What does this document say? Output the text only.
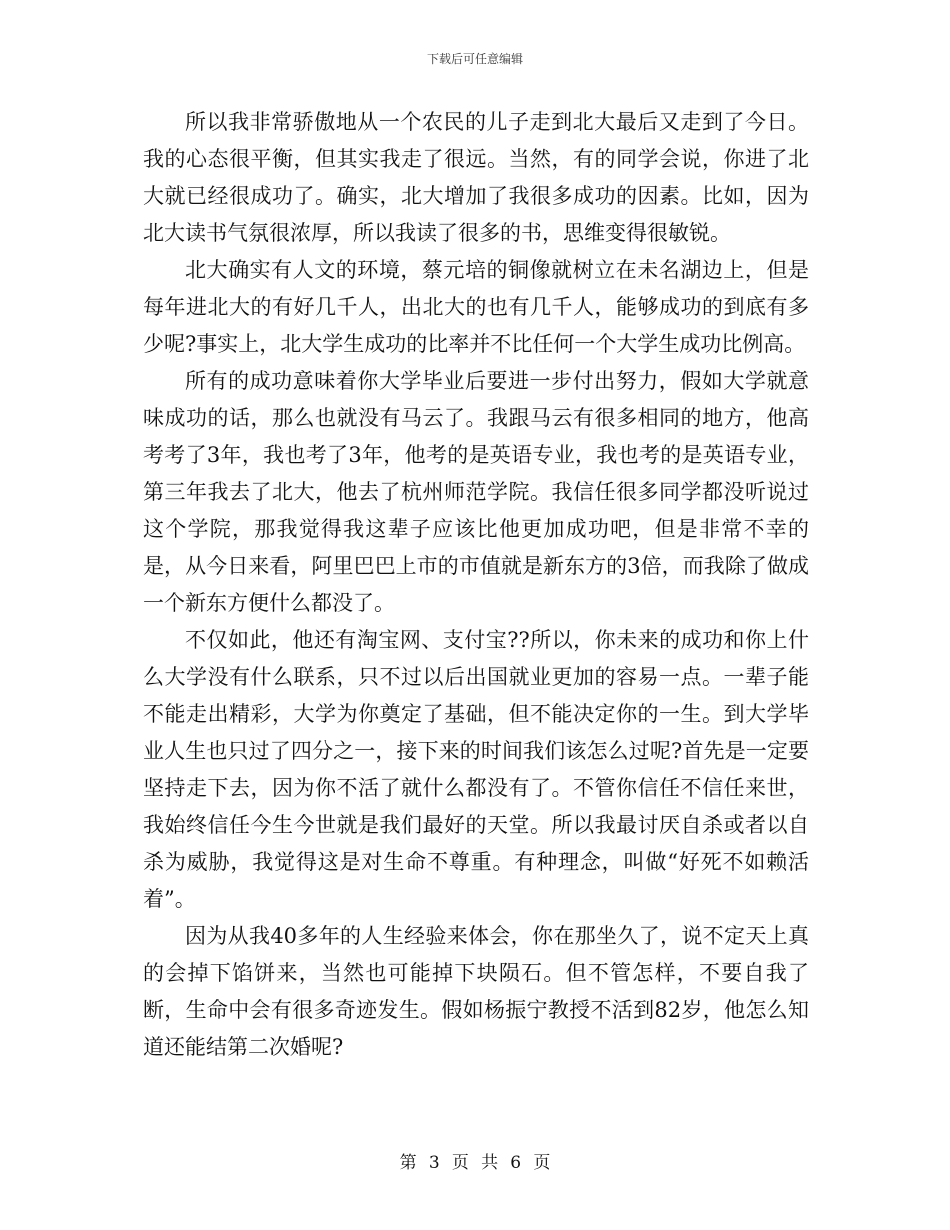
下载后可任意编辑

所以我非常骄傲地从一个农民的儿子走到北大最后又走到了今日。我的心态很平衡，但其实我走了很远。当然，有的同学会说，你进了北大就已经很成功了。确实，北大增加了我很多成功的因素。比如，因为北大读书气氛很浓厚，所以我读了很多的书，思维变得很敏锐。

北大确实有人文的环境，蔡元培的铜像就树立在未名湖边上，但是每年进北大的有好几千人，出北大的也有几千人，能够成功的到底有多少呢?事实上，北大学生成功的比率并不比任何一个大学生成功比例高。

所有的成功意味着你大学毕业后要进一步付出努力，假如大学就意味成功的话，那么也就没有马云了。我跟马云有很多相同的地方，他高考考了3年，我也考了3年，他考的是英语专业，我也考的是英语专业，第三年我去了北大，他去了杭州师范学院。我信任很多同学都没听说过这个学院，那我觉得我这辈子应该比他更加成功吧，但是非常不幸的是，从今日来看，阿里巴巴上市的市值就是新东方的3倍，而我除了做成一个新东方便什么都没了。

不仅如此，他还有淘宝网、支付宝??所以，你未来的成功和你上什么大学没有什么联系，只不过以后出国就业更加的容易一点。一辈子能不能走出精彩，大学为你奠定了基础，但不能决定你的一生。到大学毕业人生也只过了四分之一，接下来的时间我们该怎么过呢?首先是一定要坚持走下去，因为你不活了就什么都没有了。不管你信任不信任来世，我始终信任今生今世就是我们最好的天堂。所以我最讨厌自杀或者以自杀为威胁，我觉得这是对生命不尊重。有种理念，叫做“好死不如赖活着”。

因为从我40多年的人生经验来体会，你在那坐久了，说不定天上真的会掉下馅饼来，当然也可能掉下块陨石。但不管怎样，不要自我了断，生命中会有很多奇迹发生。假如杨振宁教授不活到82岁，他怎么知道还能结第二次婚呢?

第 3 页 共 6 页
